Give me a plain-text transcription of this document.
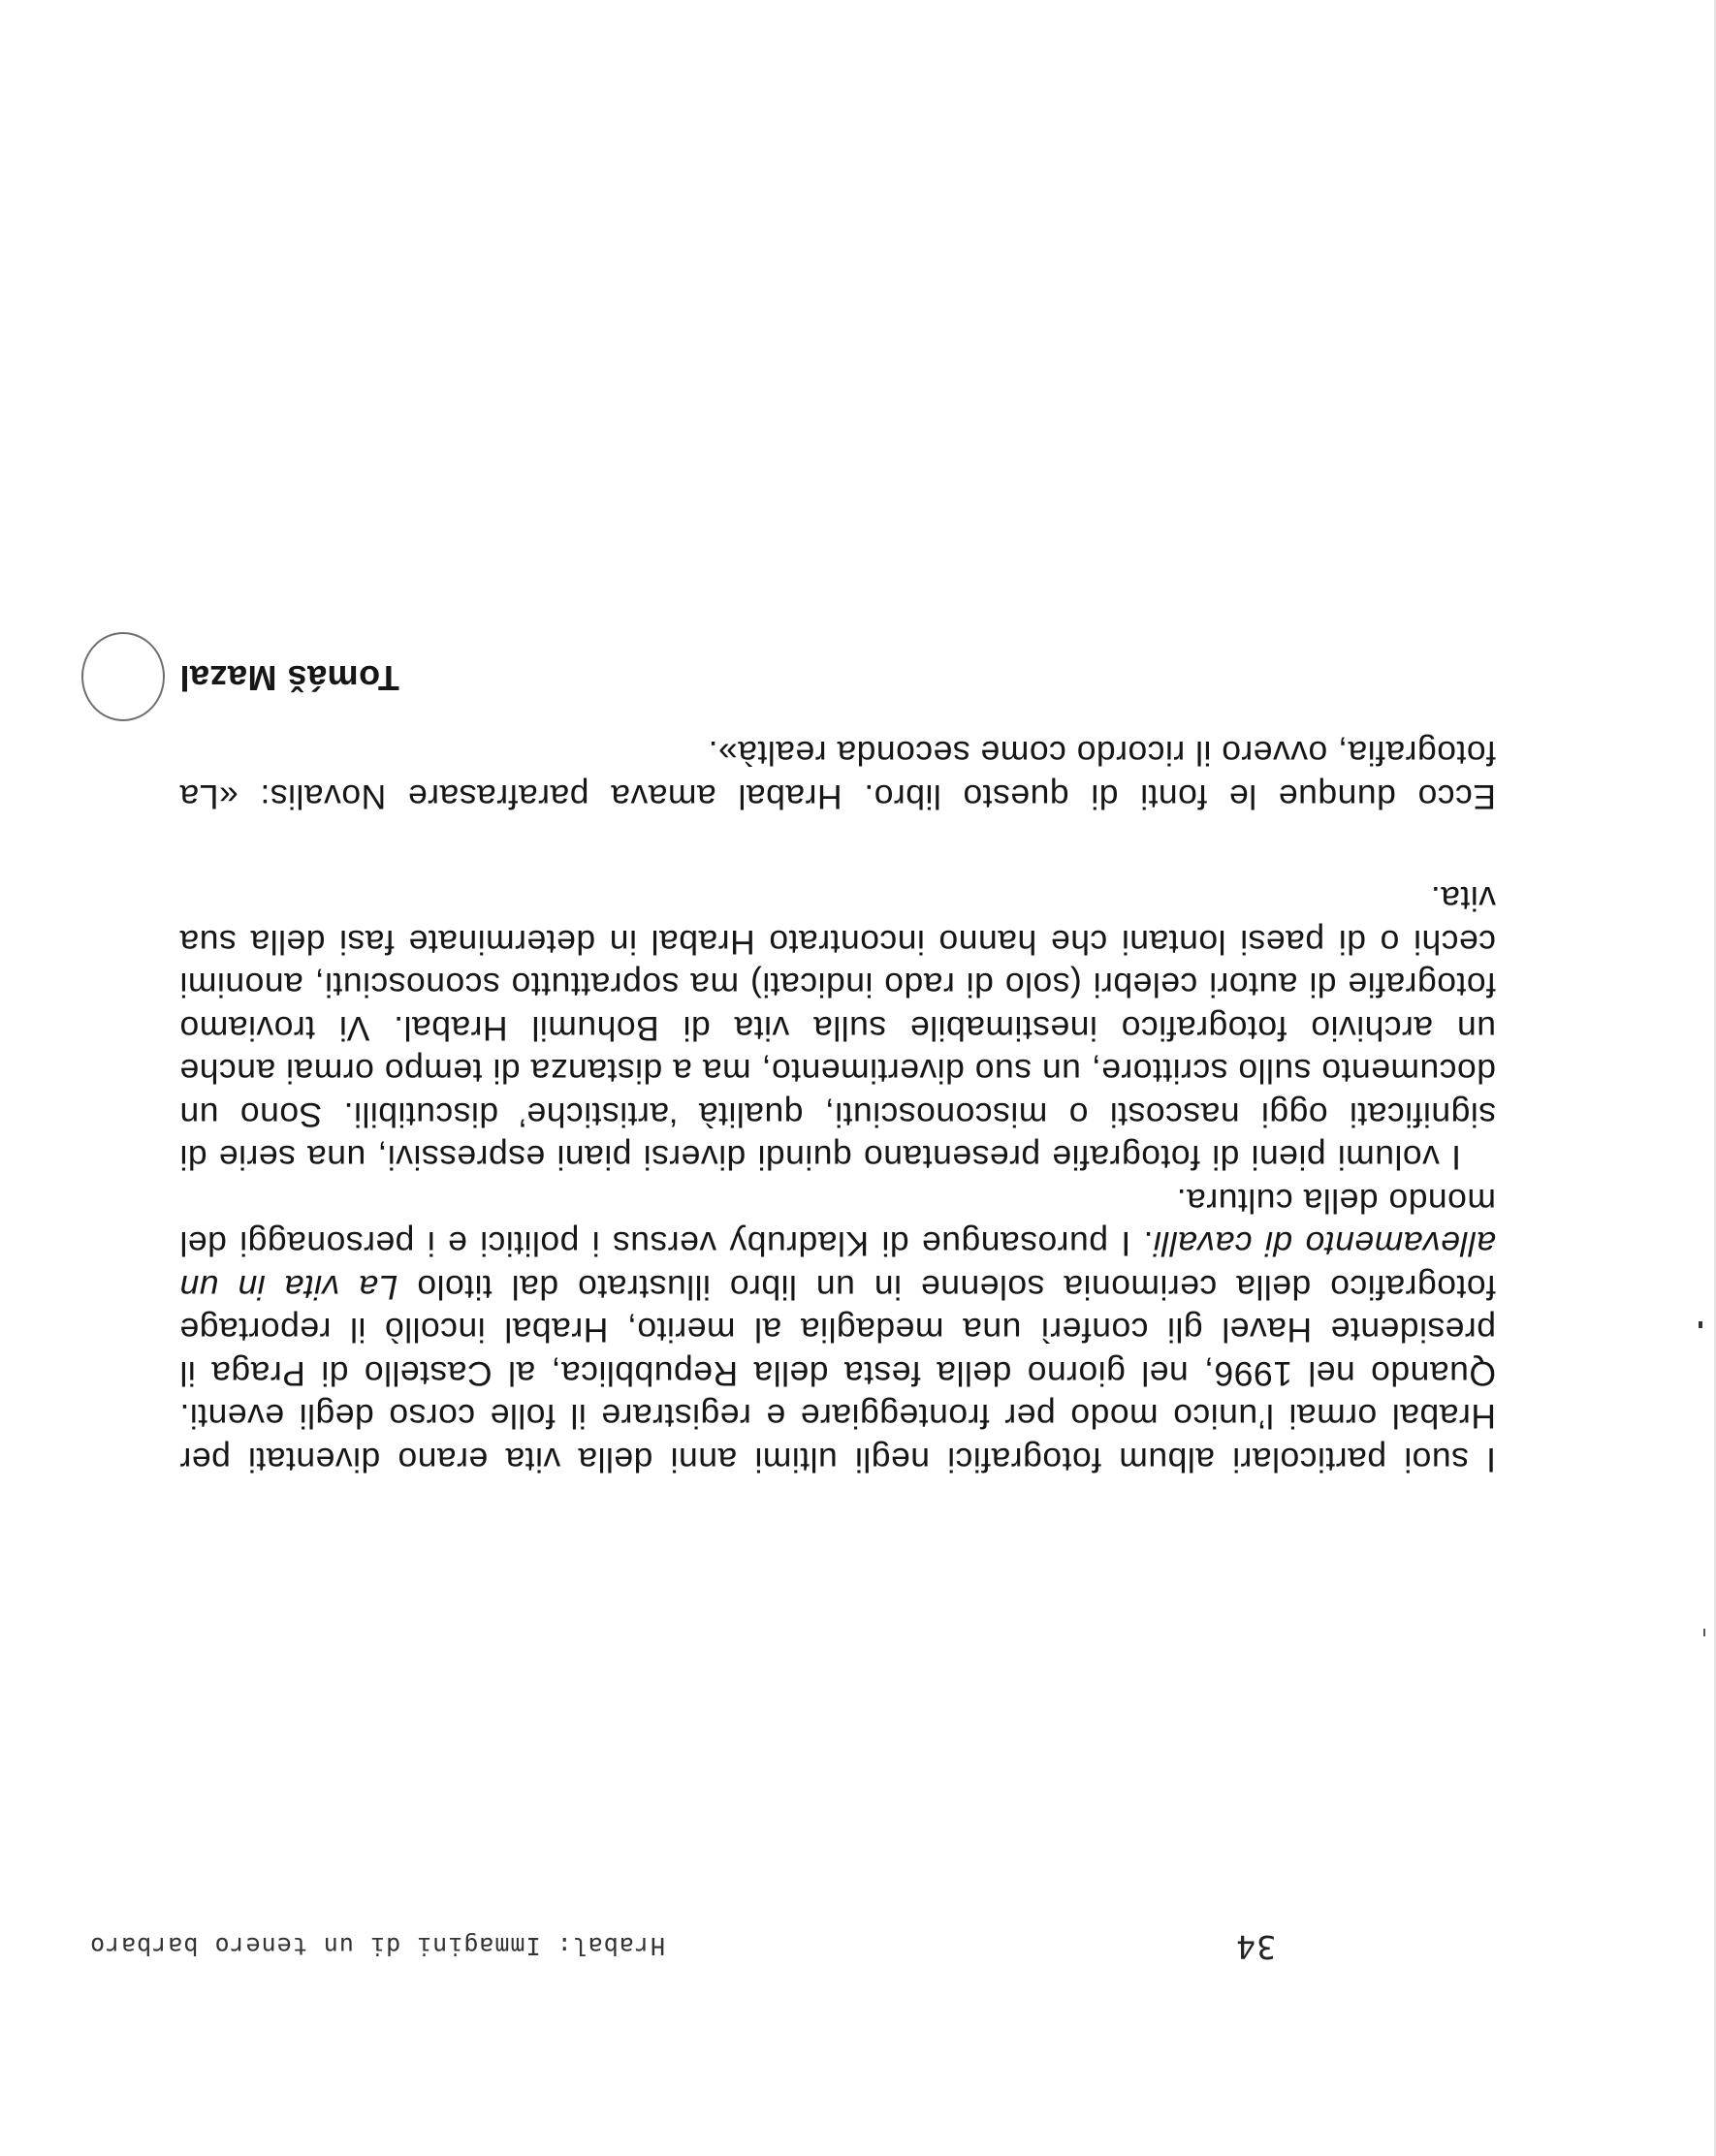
34
Hrabal: Immagini di un tenero barbaro

I suoi particolari album fotografici negli ultimi anni della vita erano diventati per Hrabal ormai l’unico modo per fronteggiare e registrare il folle corso degli eventi. Quando nel 1996, nel giorno della festa della Repubblica, al Castello di Praga il presidente Havel gli conferì una medaglia al merito, Hrabal incollò il reportage fotografico della cerimonia solenne in un libro illustrato dal titolo La vita in un allevamento di cavalli. I purosangue di Kladruby versus i politici e i personaggi del mondo della cultura.

I volumi pieni di fotografie presentano quindi diversi piani espressivi, una serie di significati oggi nascosti o misconosciuti, qualità ‘artistiche’ discutibili. Sono un documento sullo scrittore, un suo divertimento, ma a distanza di tempo ormai anche un archivio fotografico inestimabile sulla vita di Bohumil Hrabal. Vi troviamo fotografie di autori celebri (solo di rado indicati) ma soprattutto sconosciuti, anonimi cechi o di paesi lontani che hanno incontrato Hrabal in determinate fasi della sua vita.

Ecco dunque le fonti di questo libro. Hrabal amava parafrasare Novalis: «La fotografia, ovvero il ricordo come seconda realtà».

Tomáš Mazal
